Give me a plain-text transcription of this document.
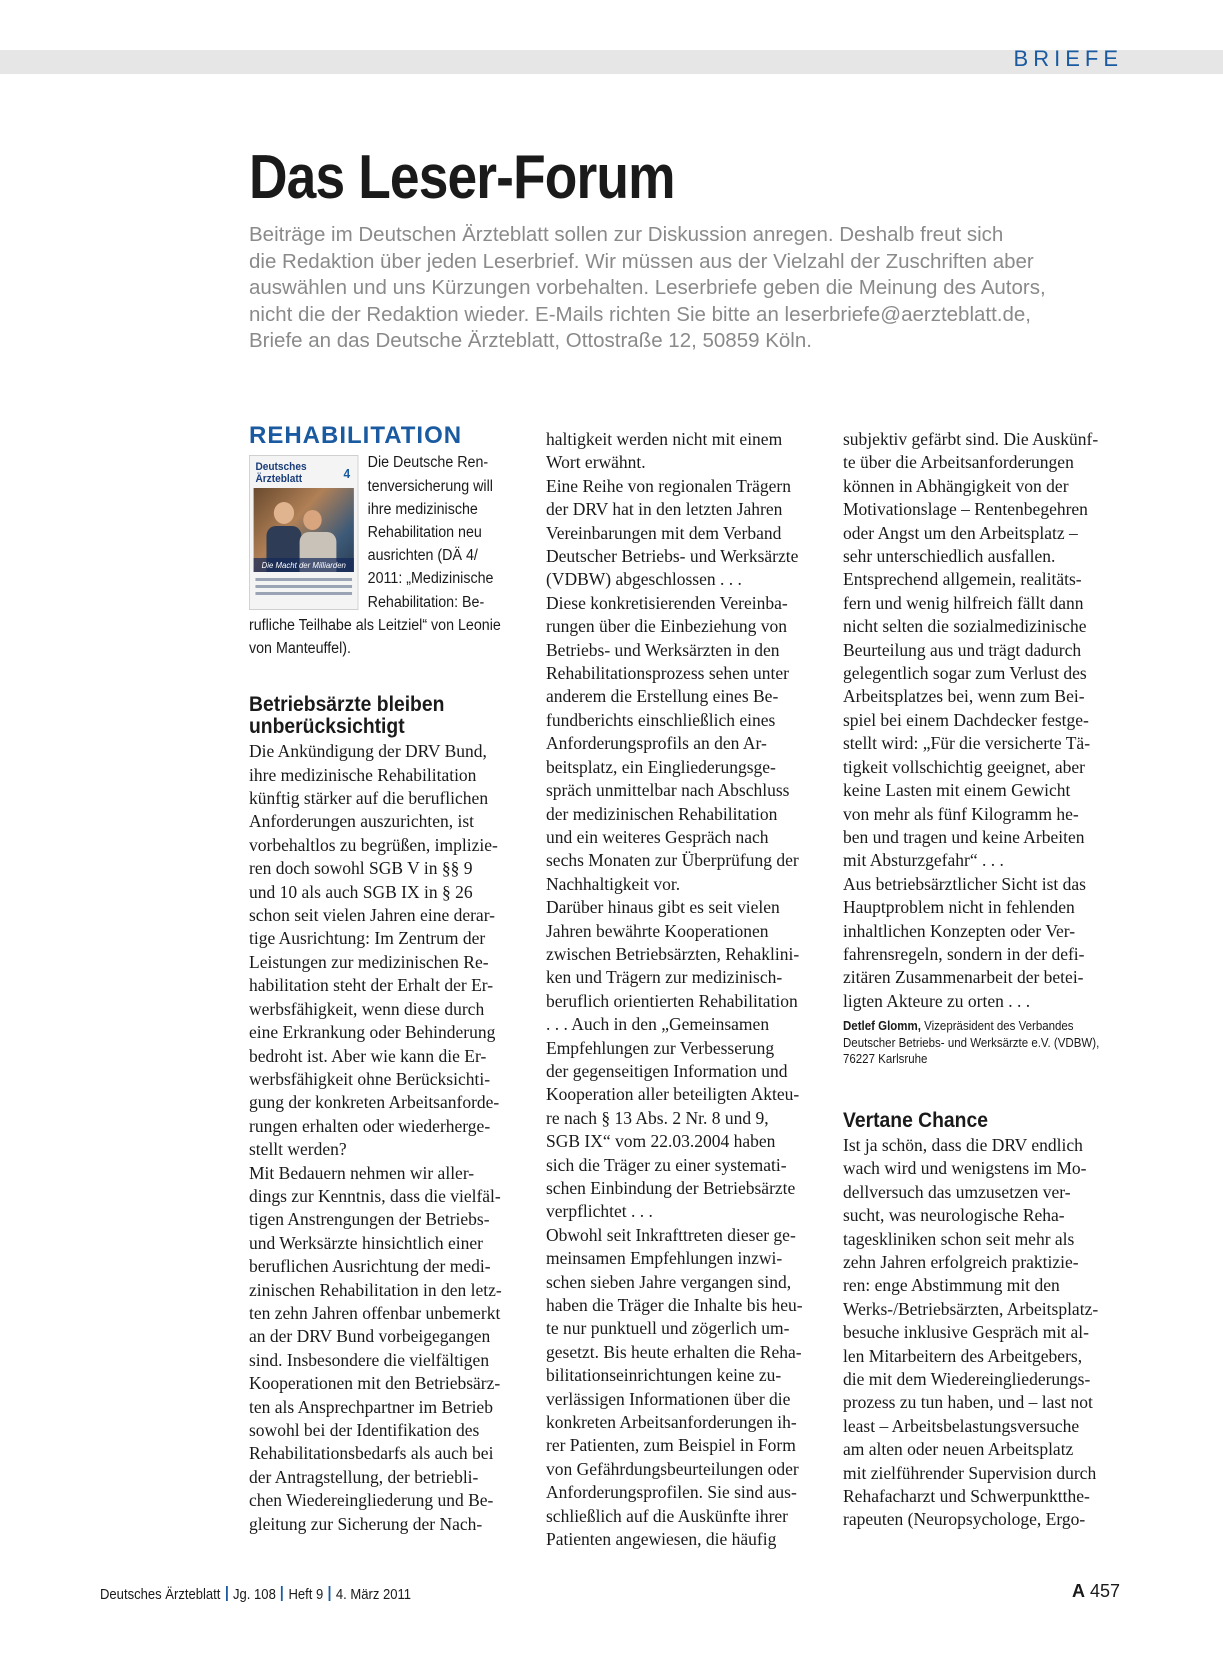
BRIEFE
Das Leser-Forum
Beiträge im Deutschen Ärzteblatt sollen zur Diskussion anregen. Deshalb freut sich
die Redaktion über jeden Leserbrief. Wir müssen aus der Vielzahl der Zuschriften aber
auswählen und uns Kürzungen vorbehalten. Leserbriefe geben die Meinung des Autors,
nicht die der Redaktion wieder. E-Mails richten Sie bitte an leserbriefe@aerzteblatt.de,
Briefe an das Deutsche Ärzteblatt, Ottostraße 12, 50859 Köln.
REHABILITATION
Deutsches Ärzteblatt	4
Die Macht der Milliarden
Die Deutsche Ren-
tenversicherung will
ihre medizinische
Rehabilitation neu
ausrichten (DÄ 4/
2011: „Medizinische
Rehabilitation: Be-
rufliche Teilhabe als Leitziel“ von Leonie
von Manteuffel).
Betriebsärzte bleiben
unberücksichtigt

Die Ankündigung der DRV Bund,

ihre medizinische Rehabilitation

künftig stärker auf die beruflichen

Anforderungen auszurichten, ist

vorbehaltlos zu begrüßen, implizie-

ren doch sowohl SGB V in §§ 9

und 10 als auch SGB IX in § 26

schon seit vielen Jahren eine derar-

tige Ausrichtung: Im Zentrum der

Leistungen zur medizinischen Re-

habilitation steht der Erhalt der Er-

werbsfähigkeit, wenn diese durch

eine Erkrankung oder Behinderung

bedroht ist. Aber wie kann die Er-

werbsfähigkeit ohne Berücksichti-

gung der konkreten Arbeitsanforde-

rungen erhalten oder wiederherge-

stellt werden?

Mit Bedauern nehmen wir aller-

dings zur Kenntnis, dass die vielfäl-

tigen Anstrengungen der Betriebs-

und Werksärzte hinsichtlich einer

beruflichen Ausrichtung der medi-

zinischen Rehabilitation in den letz-

ten zehn Jahren offenbar unbemerkt

an der DRV Bund vorbeigegangen

sind. Insbesondere die vielfältigen

Kooperationen mit den Betriebsärz-

ten als Ansprechpartner im Betrieb

sowohl bei der Identifikation des

Rehabilitationsbedarfs als auch bei

der Antragstellung, der betriebli-

chen Wiedereingliederung und Be-

gleitung zur Sicherung der Nach-

haltigkeit werden nicht mit einem

Wort erwähnt.

Eine Reihe von regionalen Trägern

der DRV hat in den letzten Jahren

Vereinbarungen mit dem Verband

Deutscher Betriebs- und Werksärzte

(VDBW) abgeschlossen . . .

Diese konkretisierenden Vereinba-

rungen über die Einbeziehung von

Betriebs- und Werksärzten in den

Rehabilitationsprozess sehen unter

anderem die Erstellung eines Be-

fundberichts einschließlich eines

Anforderungsprofils an den Ar-

beitsplatz, ein Eingliederungsge-

spräch unmittelbar nach Abschluss

der medizinischen Rehabilitation

und ein weiteres Gespräch nach

sechs Monaten zur Überprüfung der

Nachhaltigkeit vor.

Darüber hinaus gibt es seit vielen

Jahren bewährte Kooperationen

zwischen Betriebsärzten, Rehaklini-

ken und Trägern zur medizinisch-

beruflich orientierten Rehabilitation

. . . Auch in den „Gemeinsamen

Empfehlungen zur Verbesserung

der gegenseitigen Information und

Kooperation aller beteiligten Akteu-

re nach § 13 Abs. 2 Nr. 8 und 9,

SGB IX“ vom 22.03.2004 haben

sich die Träger zu einer systemati-

schen Einbindung der Betriebsärzte

verpflichtet . . .

Obwohl seit Inkrafttreten dieser ge-

meinsamen Empfehlungen inzwi-

schen sieben Jahre vergangen sind,

haben die Träger die Inhalte bis heu-

te nur punktuell und zögerlich um-

gesetzt. Bis heute erhalten die Reha-

bilitationseinrichtungen keine zu-

verlässigen Informationen über die

konkreten Arbeitsanforderungen ih-

rer Patienten, zum Beispiel in Form

von Gefährdungsbeurteilungen oder

Anforderungsprofilen. Sie sind aus-

schließlich auf die Auskünfte ihrer

Patienten angewiesen, die häufig

subjektiv gefärbt sind. Die Auskünf-

te über die Arbeitsanforderungen

können in Abhängigkeit von der

Motivationslage – Rentenbegehren

oder Angst um den Arbeitsplatz –

sehr unterschiedlich ausfallen.

Entsprechend allgemein, realitäts-

fern und wenig hilfreich fällt dann

nicht selten die sozialmedizinische

Beurteilung aus und trägt dadurch

gelegentlich sogar zum Verlust des

Arbeitsplatzes bei, wenn zum Bei-

spiel bei einem Dachdecker festge-

stellt wird: „Für die versicherte Tä-

tigkeit vollschichtig geeignet, aber

keine Lasten mit einem Gewicht

von mehr als fünf Kilogramm he-

ben und tragen und keine Arbeiten

mit Absturzgefahr“ . . .

Aus betriebsärztlicher Sicht ist das

Hauptproblem nicht in fehlenden

inhaltlichen Konzepten oder Ver-

fahrensregeln, sondern in der defi-

zitären Zusammenarbeit der betei-

ligten Akteure zu orten . . .

Detlef Glomm, Vizepräsident des Verbandes
Deutscher Betriebs- und Werksärzte e.V. (VDBW),
76227 Karlsruhe
Vertane Chance

Ist ja schön, dass die DRV endlich

wach wird und wenigstens im Mo-

dellversuch das umzusetzen ver-

sucht, was neurologische Reha-

tageskliniken schon seit mehr als

zehn Jahren erfolgreich praktizie-

ren: enge Abstimmung mit den

Werks-/Betriebsärzten, Arbeitsplatz-

besuche inklusive Gespräch mit al-

len Mitarbeitern des Arbeitgebers,

die mit dem Wiedereingliederungs-

prozess zu tun haben, und – last not

least – Arbeitsbelastungsversuche

am alten oder neuen Arbeitsplatz

mit zielführender Supervision durch

Rehafacharzt und Schwerpunktthe-

rapeuten (Neuropsychologe, Ergo-

Deutsches Ärzteblatt Jg. 108 Heft 9 4. März 2011	A 457
